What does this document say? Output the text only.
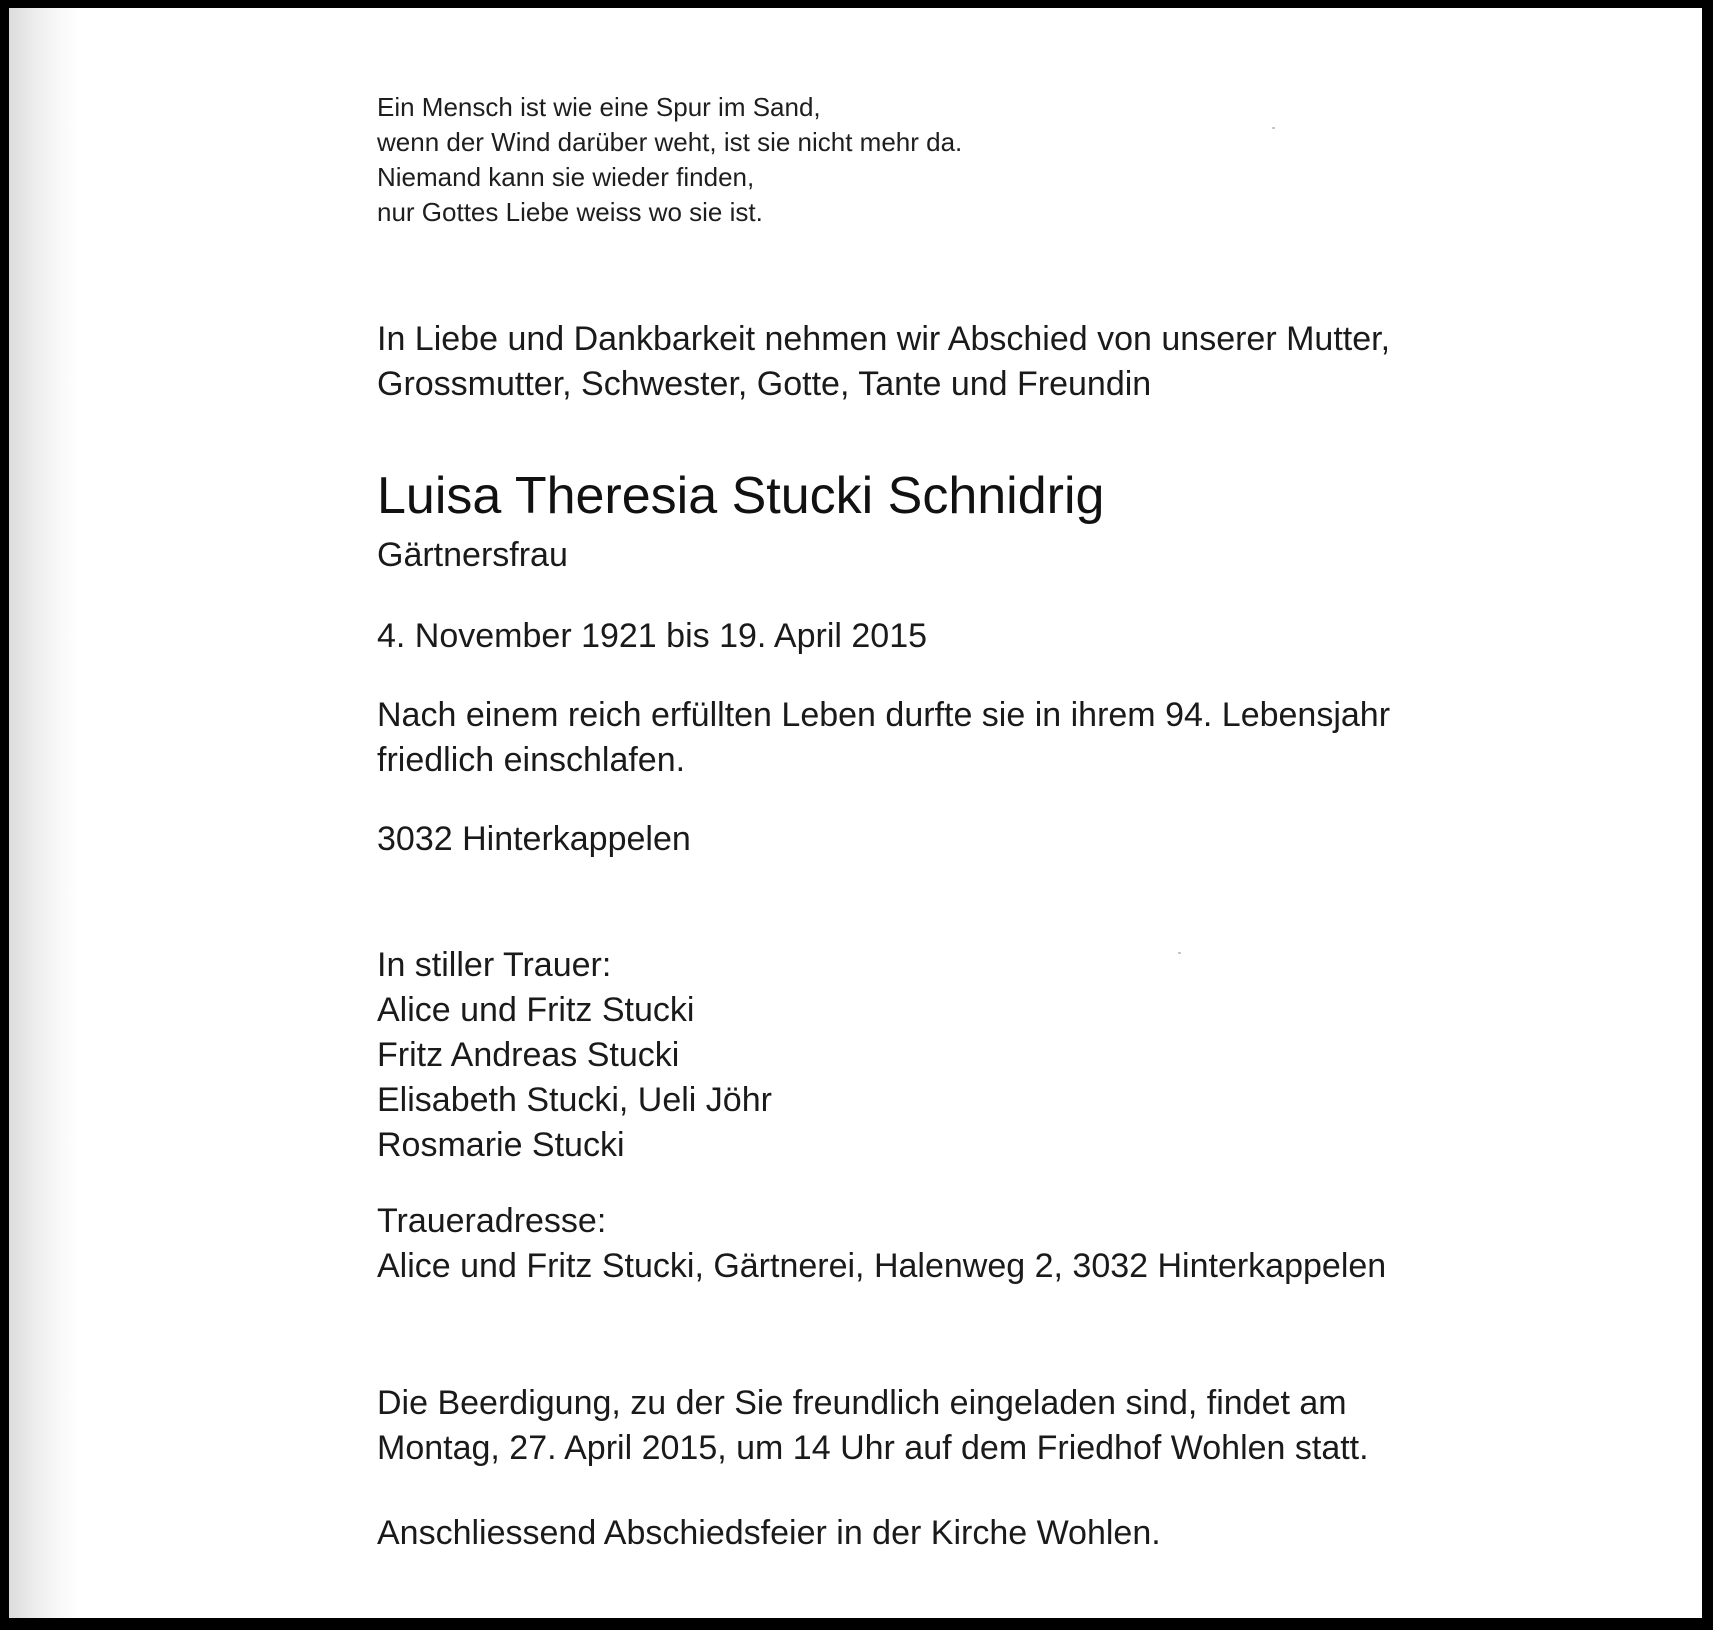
Ein Mensch ist wie eine Spur im Sand,
wenn der Wind darüber weht, ist sie nicht mehr da.
Niemand kann sie wieder finden,
nur Gottes Liebe weiss wo sie ist.
In Liebe und Dankbarkeit nehmen wir Abschied von unserer Mutter,
Grossmutter, Schwester, Gotte, Tante und Freundin
Luisa Theresia Stucki Schnidrig
Gärtnersfrau
4. November 1921 bis 19. April 2015
Nach einem reich erfüllten Leben durfte sie in ihrem 94. Lebensjahr
friedlich einschlafen.
3032 Hinterkappelen
In stiller Trauer:
Alice und Fritz Stucki
Fritz Andreas Stucki
Elisabeth Stucki, Ueli Jöhr
Rosmarie Stucki
Traueradresse:
Alice und Fritz Stucki, Gärtnerei, Halenweg 2, 3032 Hinterkappelen
Die Beerdigung, zu der Sie freundlich eingeladen sind, findet am
Montag, 27. April 2015, um 14 Uhr auf dem Friedhof Wohlen statt.
Anschliessend Abschiedsfeier in der Kirche Wohlen.
